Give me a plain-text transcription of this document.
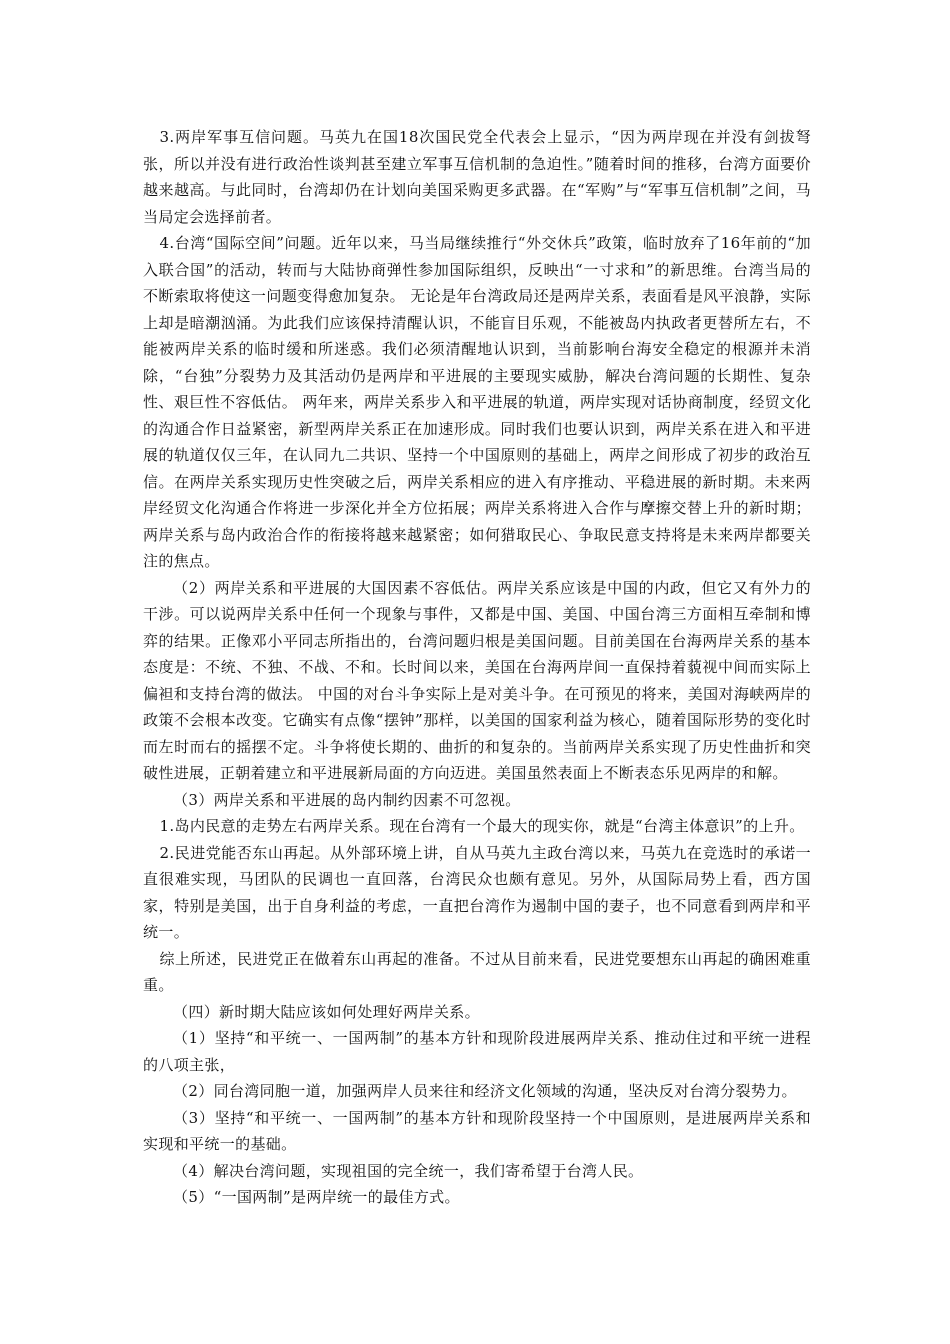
3.两岸军事互信问题。马英九在国18次国民党全代表会上显示，“因为两岸现在并没有剑拔弩张，所以并没有进行政治性谈判甚至建立军事互信机制的急迫性。”随着时间的推移，台湾方面要价越来越高。与此同时，台湾却仍在计划向美国采购更多武器。在“军购”与“军事互信机制”之间，马当局定会选择前者。

4.台湾“国际空间”问题。近年以来，马当局继续推行“外交休兵”政策，临时放弃了16年前的“加入联合国”的活动，转而与大陆协商弹性参加国际组织，反映出“一寸求和”的新思维。台湾当局的不断索取将使这一问题变得愈加复杂。 无论是年台湾政局还是两岸关系，表面看是风平浪静，实际上却是暗潮汹涌。为此我们应该保持清醒认识，不能盲目乐观，不能被岛内执政者更替所左右，不能被两岸关系的临时缓和所迷惑。我们必须清醒地认识到，当前影响台海安全稳定的根源并未消除，“台独”分裂势力及其活动仍是两岸和平进展的主要现实威胁，解决台湾问题的长期性、复杂性、艰巨性不容低估。 两年来，两岸关系步入和平进展的轨道，两岸实现对话协商制度，经贸文化的沟通合作日益紧密，新型两岸关系正在加速形成。同时我们也要认识到，两岸关系在进入和平进展的轨道仅仅三年，在认同九二共识、坚持一个中国原则的基础上，两岸之间形成了初步的政治互信。在两岸关系实现历史性突破之后，两岸关系相应的进入有序推动、平稳进展的新时期。未来两岸经贸文化沟通合作将进一步深化并全方位拓展；两岸关系将进入合作与摩擦交替上升的新时期；两岸关系与岛内政治合作的衔接将越来越紧密；如何猎取民心、争取民意支持将是未来两岸都要关注的焦点。

（2）两岸关系和平进展的大国因素不容低估。两岸关系应该是中国的内政，但它又有外力的干涉。可以说两岸关系中任何一个现象与事件，又都是中国、美国、中国台湾三方面相互牵制和博弈的结果。正像邓小平同志所指出的，台湾问题归根是美国问题。目前美国在台海两岸关系的基本态度是：不统、不独、不战、不和。长时间以来，美国在台海两岸间一直保持着藐视中间而实际上偏袒和支持台湾的做法。 中国的对台斗争实际上是对美斗争。在可预见的将来，美国对海峡两岸的政策不会根本改变。它确实有点像“摆钟”那样，以美国的国家利益为核心，随着国际形势的变化时而左时而右的摇摆不定。斗争将使长期的、曲折的和复杂的。当前两岸关系实现了历史性曲折和突破性进展，正朝着建立和平进展新局面的方向迈进。美国虽然表面上不断表态乐见两岸的和解。

（3）两岸关系和平进展的岛内制约因素不可忽视。

1.岛内民意的走势左右两岸关系。现在台湾有一个最大的现实你，就是“台湾主体意识”的上升。

2.民进党能否东山再起。从外部环境上讲，自从马英九主政台湾以来，马英九在竞选时的承诺一直很难实现，马团队的民调也一直回落，台湾民众也颇有意见。另外，从国际局势上看，西方国家，特别是美国，出于自身利益的考虑，一直把台湾作为遏制中国的妻子，也不同意看到两岸和平统一。

综上所述，民进党正在做着东山再起的准备。不过从目前来看，民进党要想东山再起的确困难重重。

（四）新时期大陆应该如何处理好两岸关系。

（1）坚持“和平统一、一国两制”的基本方针和现阶段进展两岸关系、推动住过和平统一进程的八项主张，

（2）同台湾同胞一道，加强两岸人员来往和经济文化领域的沟通，坚决反对台湾分裂势力。

（3）坚持“和平统一、一国两制”的基本方针和现阶段坚持一个中国原则，是进展两岸关系和实现和平统一的基础。

（4）解决台湾问题，实现祖国的完全统一，我们寄希望于台湾人民。

（5）“一国两制”是两岸统一的最佳方式。
